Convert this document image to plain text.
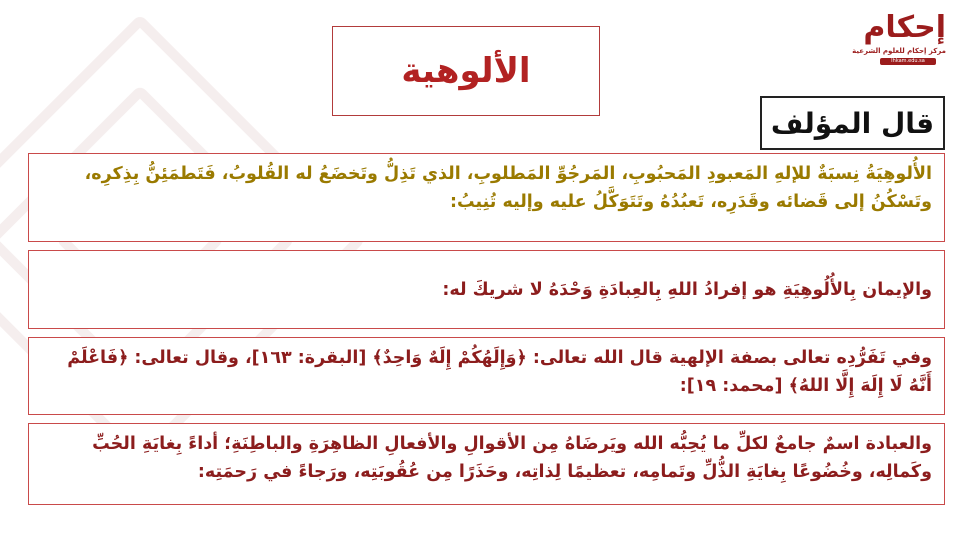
إحكام
مركز إحكام للعلوم الشرعية
Ihkam.edu.sa
الألوهية
قال المؤلف
الأُلوهِيَةُ نِسبَةٌ للإلهِ المَعبودِ المَحبُوبِ، المَرجُوِّ المَطلوبِ، الذي تَذِلُّ وتَخضَعُ له القُلوبُ، فَتَطمَئِنُّ بِذِكرِه، وتَسْكُنُ إلى قَضائه وقَدَرِه، تَعبُدُهُ وتَتَوَكَّلُ عليه وإليه تُنِيبُ:
والإيمان بِالأُلُوهِيَةِ هو إفرادُ اللهِ بِالعِبادَةِ وَحْدَهُ لا شريكَ له:
وفي تَفَرُّدِه تعالى بصفة الإلهية قال الله تعالى: ﴿وَإِلَهُكُمْ إِلَهٌ وَاحِدٌ﴾ [البقرة: ١٦٣]، وقال تعالى: ﴿فَاعْلَمْ أَنَّهُ لَا إِلَهَ إِلَّا اللهُ﴾ [محمد: ١٩]:
والعبادة اسمٌ جامعٌ لكلِّ ما يُحِبُّه الله ويَرضَاهُ مِن الأقوالِ والأفعالِ الظاهِرَةِ والباطِنَةِ؛ أداءً بِغايَةِ الحُبِّ وكَمالِه، وخُضُوعًا بِغايَةِ الذُّلِّ وتَمامِه، تعظيمًا لِذاتِه، وحَذَرًا مِن عُقُوبَتِه، ورَجاءً في رَحمَتِه:
